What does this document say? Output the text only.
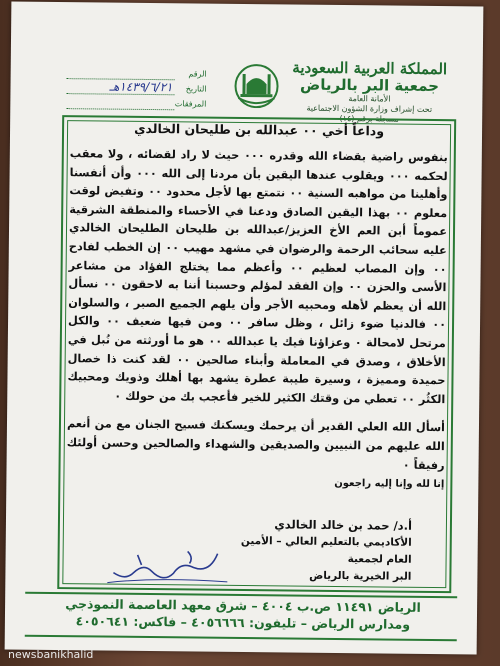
المملكة العربية السعودية
جمعية البر بالرياض
الأمانة العامة
تحت إشراف وزارة الشؤون الاجتماعية
مسجلة برقم (١٤)
الرقم
التاريخ
١٤٣٩/٦/٢١هـ
المرفقات
وداعاً أخي ٠٠ عبدالله بن طليحان الخالدي
بنفوس راضية بقضاء الله وقدره ٠٠٠ حيث لا راد لقضائه ، ولا معقب لحكمه ٠٠٠ ويقلوب عندها اليقين بأن مردنا إلى الله ٠٠٠ وأن أنفسنا وأهلينا من مواهبه السنية ٠٠ نتمتع بها لأجل محدود ٠٠ وتفيض لوقت معلوم ٠٠ بهذا اليقين الصادق ودعنا في الأحساء والمنطقة الشرقية عموماً أبن العم الأخ العزيز/عبدالله بن طليحان الطليحان الخالدي عليه سحائب الرحمة والرضوان في مشهد مهيب ٠٠ إن الخطب لفادح ٠٠ وإن المصاب لعظيم ٠٠ وأعظم مما يختلج الفؤاد من مشاعر الأسى والحزن ٠٠ وإن الفقد لمؤلم وحسبنا أننا به لاحقون ٠٠ نسأل الله أن يعظم لأهله ومحبيه الأجر وأن يلهم الجميع الصبر ، والسلوان ٠٠ فالدنيا ضوء زائل ، وظل سافر ٠٠ ومن فيها ضعيف ٠٠ والكل مرتحل لامحالة ٠ وعزاؤنا فيك يا عبدالله ٠٠ هو ما أورثته من نُبل في الأخلاق ، وصدق في المعاملة وأبناء صالحين ٠٠ لقد كنت ذا خصال حميدة ومميزة ، وسيرة طيبة عطرة يشهد بها أهلك وذويك ومحبيك الكثُر ٠٠ تعطي من وقتك الكثير للخير فأعجب بك من حولك ٠
أسأل الله العلي القدير أن يرحمك ويسكنك فسيح الجنان مع من أنعم الله عليهم من النبيين والصديقين والشهداء والصالحين وحسن أولئك رفيقاً ٠
إنا لله وإنا إليه راجعون
أ.د/ حمد بن خالد الخالدي
الأكاديمي بالتعليم العالي – الأمين العام لجمعية
البر الخيرية بالرياض
الرياض ١١٤٩١ ص.ب ٤٠٠٤ – شرق معهد العاصمة النموذجي
ومدارس الرياض – تليفون: ٤٠٥٦٦٦٦ – فاكس: ٤٠٥٠٦٤١
newsbanikhalid
